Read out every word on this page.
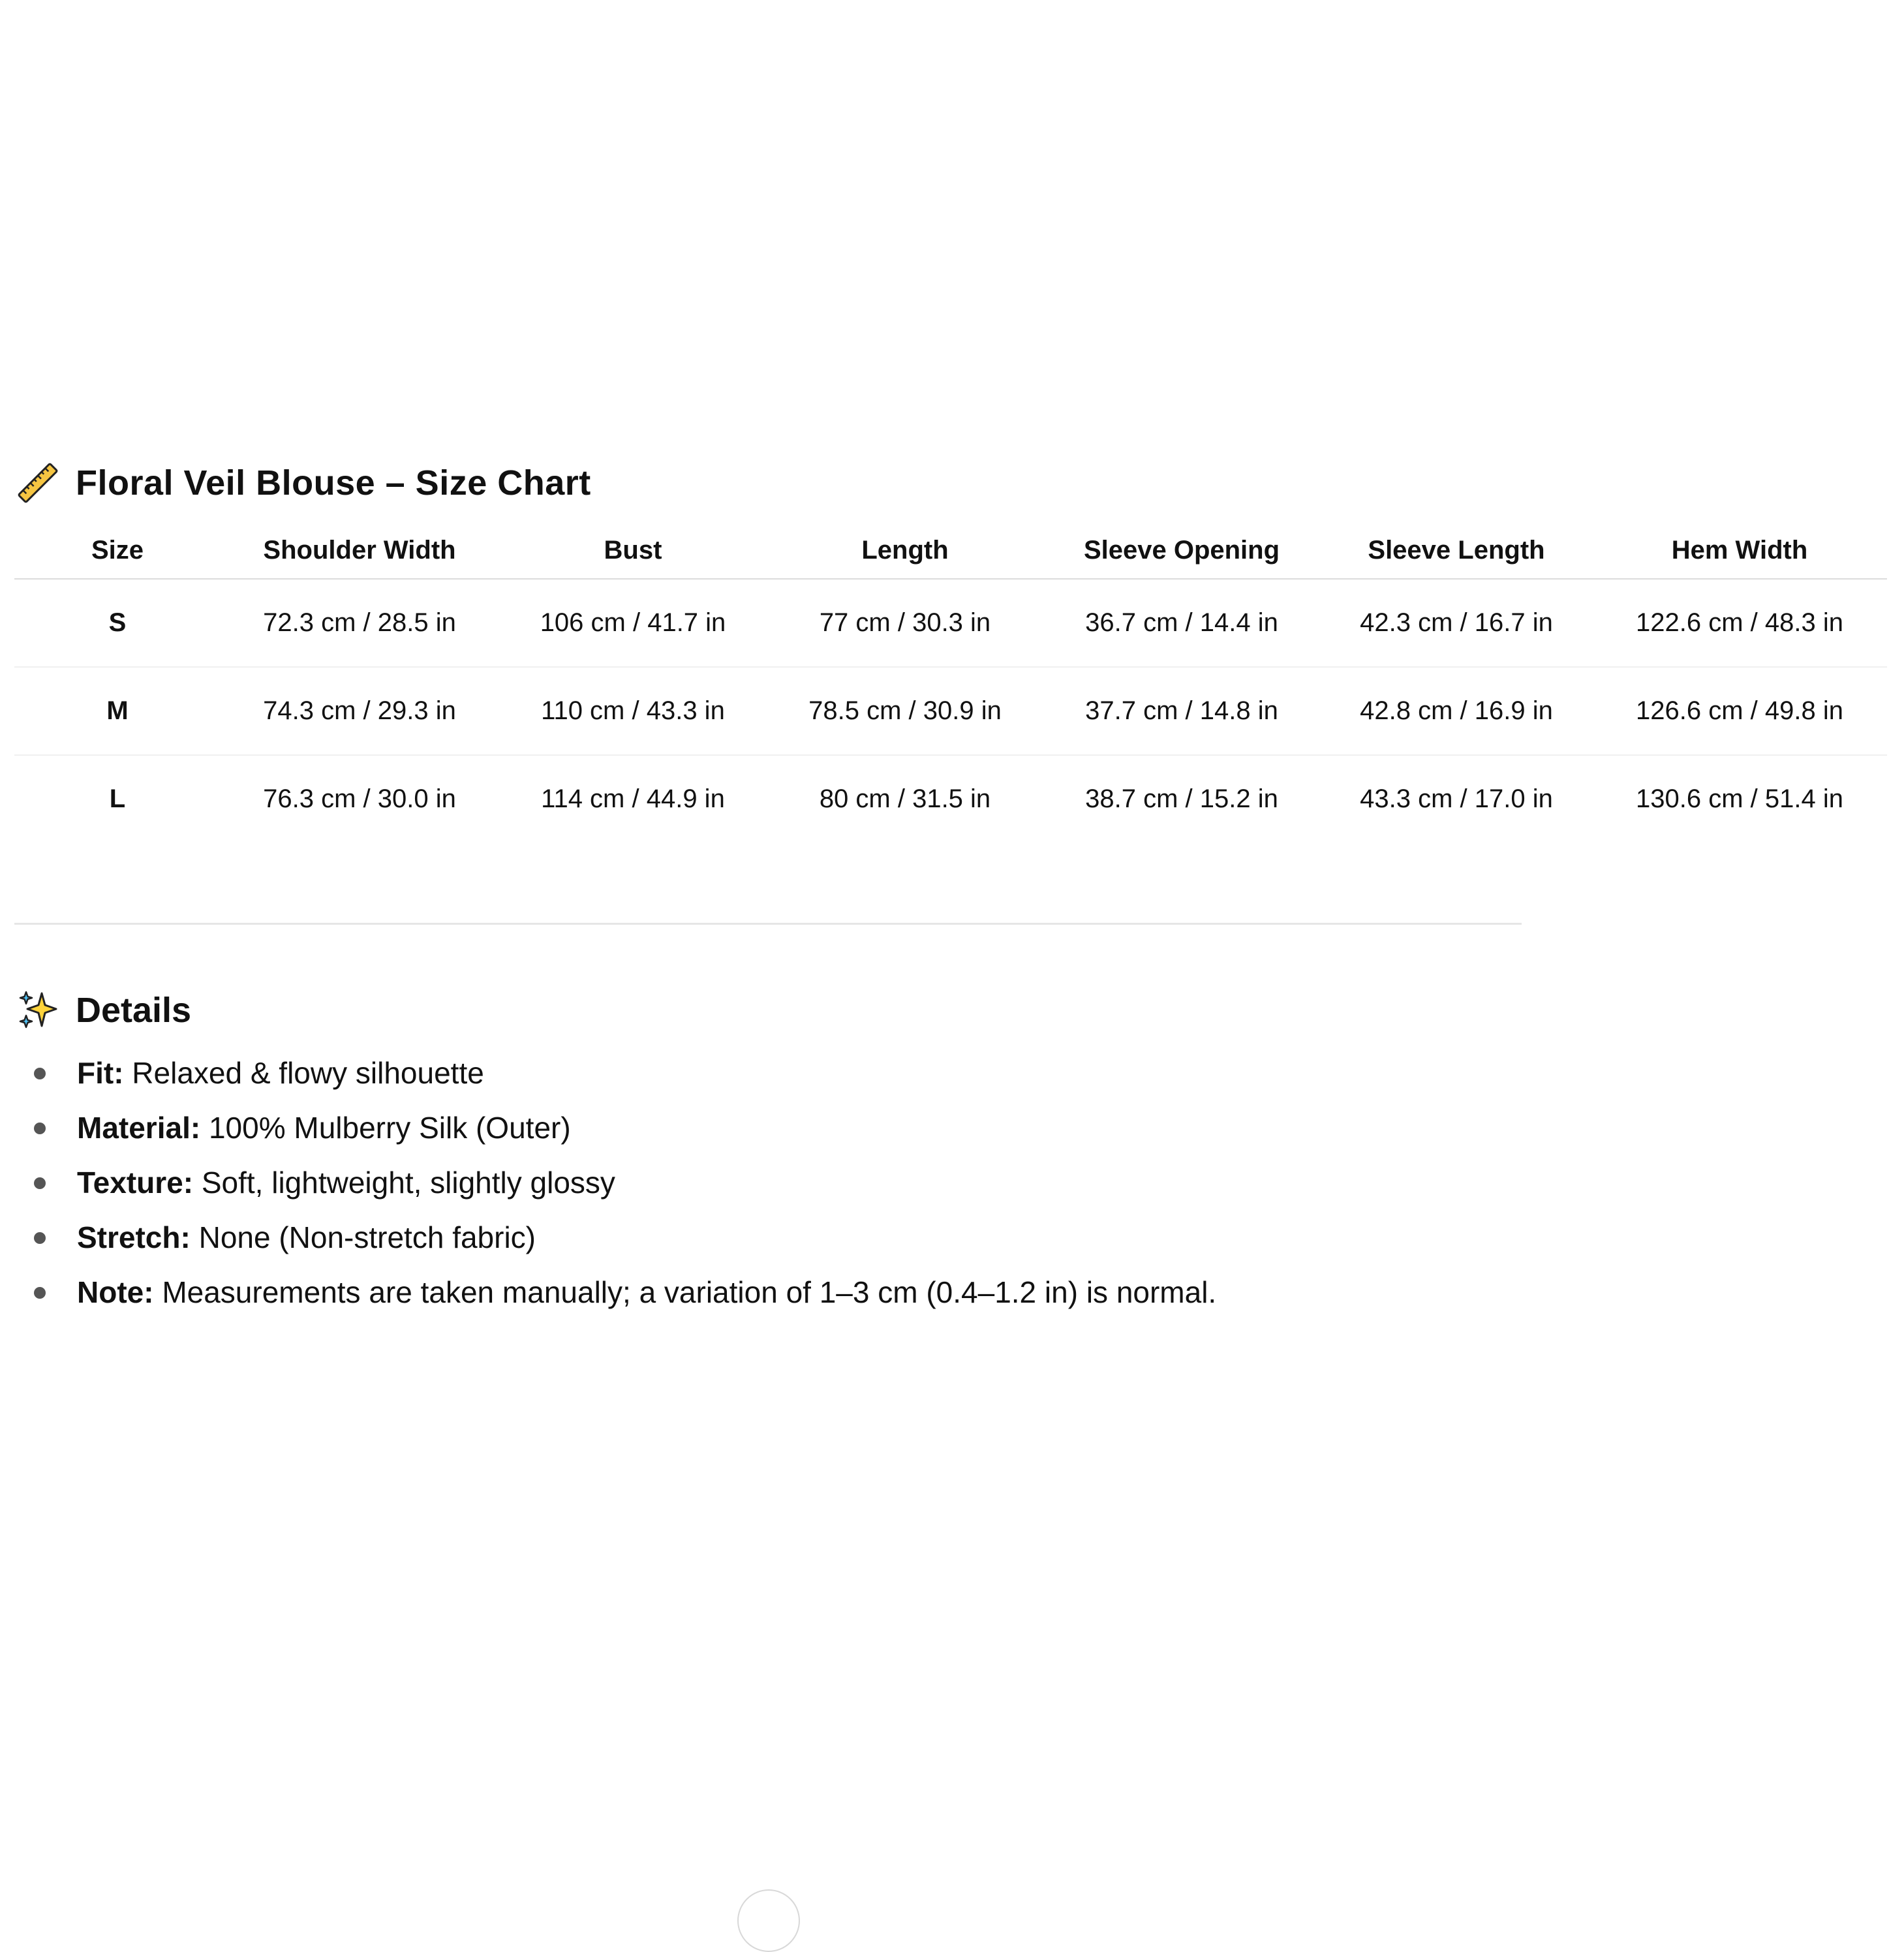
Floral Veil Blouse – Size Chart
Size	Shoulder Width	Bust	Length	Sleeve Opening	Sleeve Length	Hem Width
S	72.3 cm / 28.5 in	106 cm / 41.7 in	77 cm / 30.3 in	36.7 cm / 14.4 in	42.3 cm / 16.7 in	122.6 cm / 48.3 in
M	74.3 cm / 29.3 in	110 cm / 43.3 in	78.5 cm / 30.9 in	37.7 cm / 14.8 in	42.8 cm / 16.9 in	126.6 cm / 49.8 in
L	76.3 cm / 30.0 in	114 cm / 44.9 in	80 cm / 31.5 in	38.7 cm / 15.2 in	43.3 cm / 17.0 in	130.6 cm / 51.4 in
Details
Fit: Relaxed & flowy silhouette
Material: 100% Mulberry Silk (Outer)
Texture: Soft, lightweight, slightly glossy
Stretch: None (Non-stretch fabric)
Note: Measurements are taken manually; a variation of 1–3 cm (0.4–1.2 in) is normal.
